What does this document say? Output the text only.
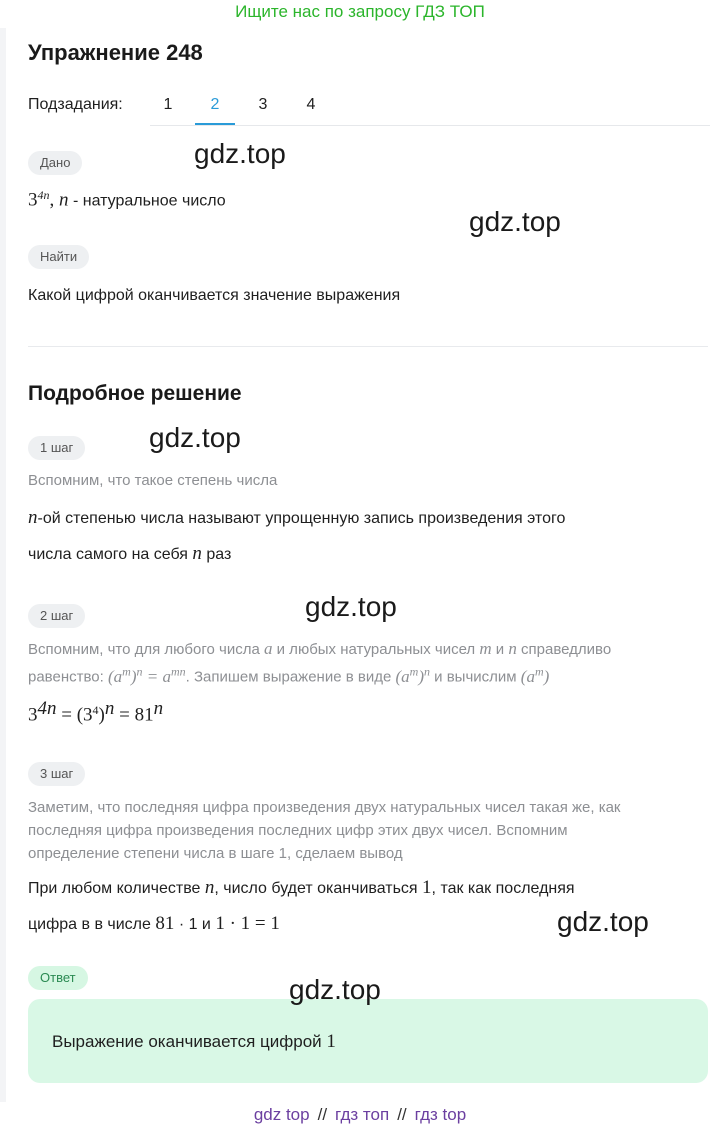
Ищите нас по запросу ГДЗ ТОП
Упражнение 248
Подзадания:	1	2	3	4
Дано
$3^{4n}$, n - натуральное число
Найти
Какой цифрой оканчивается значение выражения
Подробное решение
1 шаг
Вспомним, что такое степень числа
n-ой степенью числа называют упрощенную запись произведения этого
числа самого на себя n раз
2 шаг
Вспомним, что для любого числа a и любых натуральных чисел m и n справедливо
равенство: $(a^m)^n = a^{mn}$. Запишем выражение в виде $(a^m)^n$ и вычислим $(a^m)$
$3^{4n} = (3^4)^n = 81^n$
3 шаг
Заметим, что последняя цифра произведения двух натуральных чисел такая же, как
последняя цифра произведения последних цифр этих двух чисел. Вспомним
определение степени числа в шаге 1, сделаем вывод
При любом количестве n, число будет оканчиваться 1, так как последняя
цифра в в числе 81 · 1 и 1 · 1 = 1
Ответ
Выражение оканчивается цифрой 1
gdz.top
gdz.top
gdz.top
gdz.top
gdz.top
gdz.top
gdz top // гдз топ // гдз top
